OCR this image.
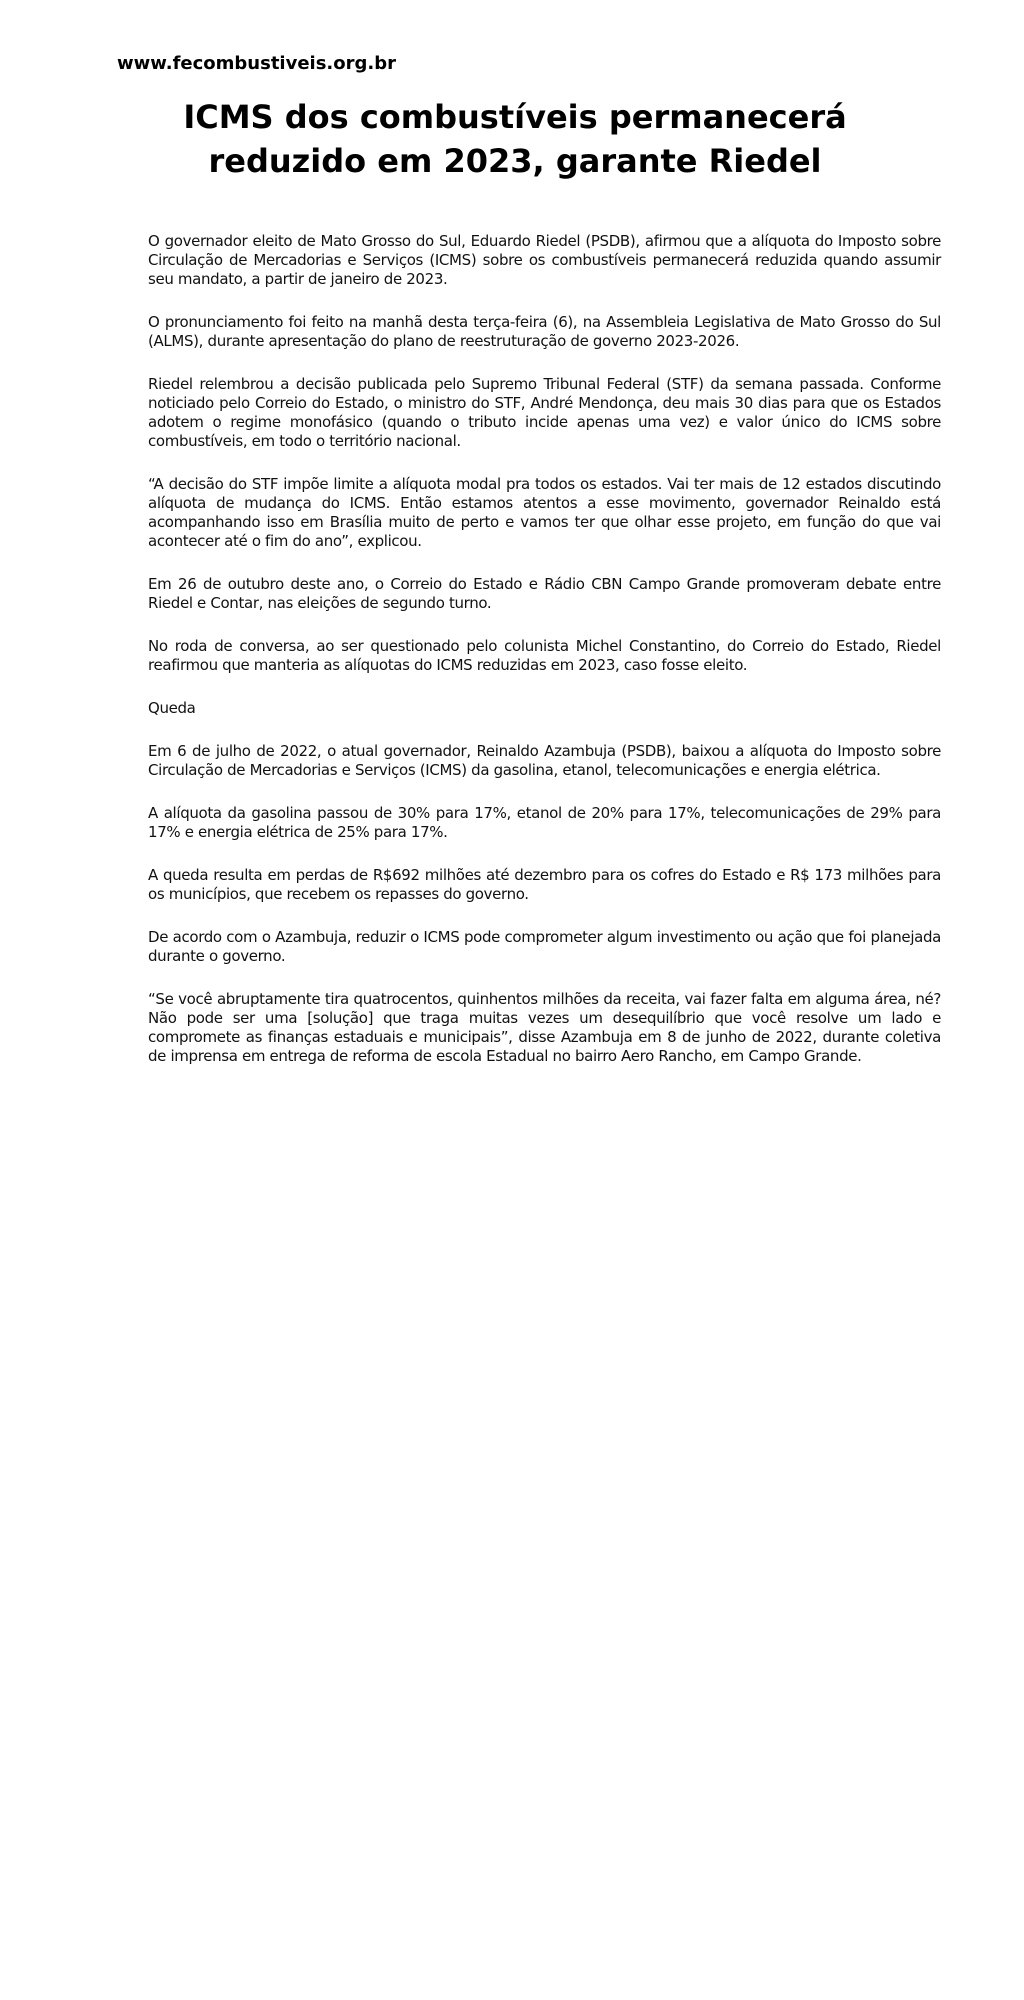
www.fecombustiveis.org.br
ICMS dos combustíveis permanecerá reduzido em 2023, garante Riedel

O governador eleito de Mato Grosso do Sul, Eduardo Riedel (PSDB), afirmou que a alíquota do Imposto sobre Circulação de Mercadorias e Serviços (ICMS) sobre os combustíveis permanecerá reduzida quando assumir seu mandato, a partir de janeiro de 2023.

O pronunciamento foi feito na manhã desta terça-feira (6), na Assembleia Legislativa de Mato Grosso do Sul (ALMS), durante apresentação do plano de reestruturação de governo 2023-2026.

Riedel relembrou a decisão publicada pelo Supremo Tribunal Federal (STF) da semana passada. Conforme noticiado pelo Correio do Estado, o ministro do STF, André Mendonça, deu mais 30 dias para que os Estados adotem o regime monofásico (quando o tributo incide apenas uma vez) e valor único do ICMS sobre combustíveis, em todo o território nacional.

“A decisão do STF impõe limite a alíquota modal pra todos os estados. Vai ter mais de 12 estados discutindo alíquota de mudança do ICMS. Então estamos atentos a esse movimento, governador Reinaldo está acompanhando isso em Brasília muito de perto e vamos ter que olhar esse projeto, em função do que vai acontecer até o fim do ano”, explicou.

Em 26 de outubro deste ano, o Correio do Estado e Rádio CBN Campo Grande promoveram debate entre Riedel e Contar, nas eleições de segundo turno.

No roda de conversa, ao ser questionado pelo colunista Michel Constantino, do Correio do Estado, Riedel reafirmou que manteria as alíquotas do ICMS reduzidas em 2023, caso fosse eleito.

Queda

Em 6 de julho de 2022, o atual governador, Reinaldo Azambuja (PSDB), baixou a alíquota do Imposto sobre Circulação de Mercadorias e Serviços (ICMS) da gasolina, etanol, telecomunicações e energia elétrica.

A alíquota da gasolina passou de 30% para 17%, etanol de 20% para 17%, telecomunicações de 29% para 17% e energia elétrica de 25% para 17%.

A queda resulta em perdas de R$692 milhões até dezembro para os cofres do Estado e R$ 173 milhões para os municípios, que recebem os repasses do governo.

De acordo com o Azambuja, reduzir o ICMS pode comprometer algum investimento ou ação que foi planejada durante o governo.

“Se você abruptamente tira quatrocentos, quinhentos milhões da receita, vai fazer falta em alguma área, né? Não pode ser uma [solução] que traga muitas vezes um desequilíbrio que você resolve um lado e compromete as finanças estaduais e municipais”, disse Azambuja em 8 de junho de 2022, durante coletiva de imprensa em entrega de reforma de escola Estadual no bairro Aero Rancho, em Campo Grande.
